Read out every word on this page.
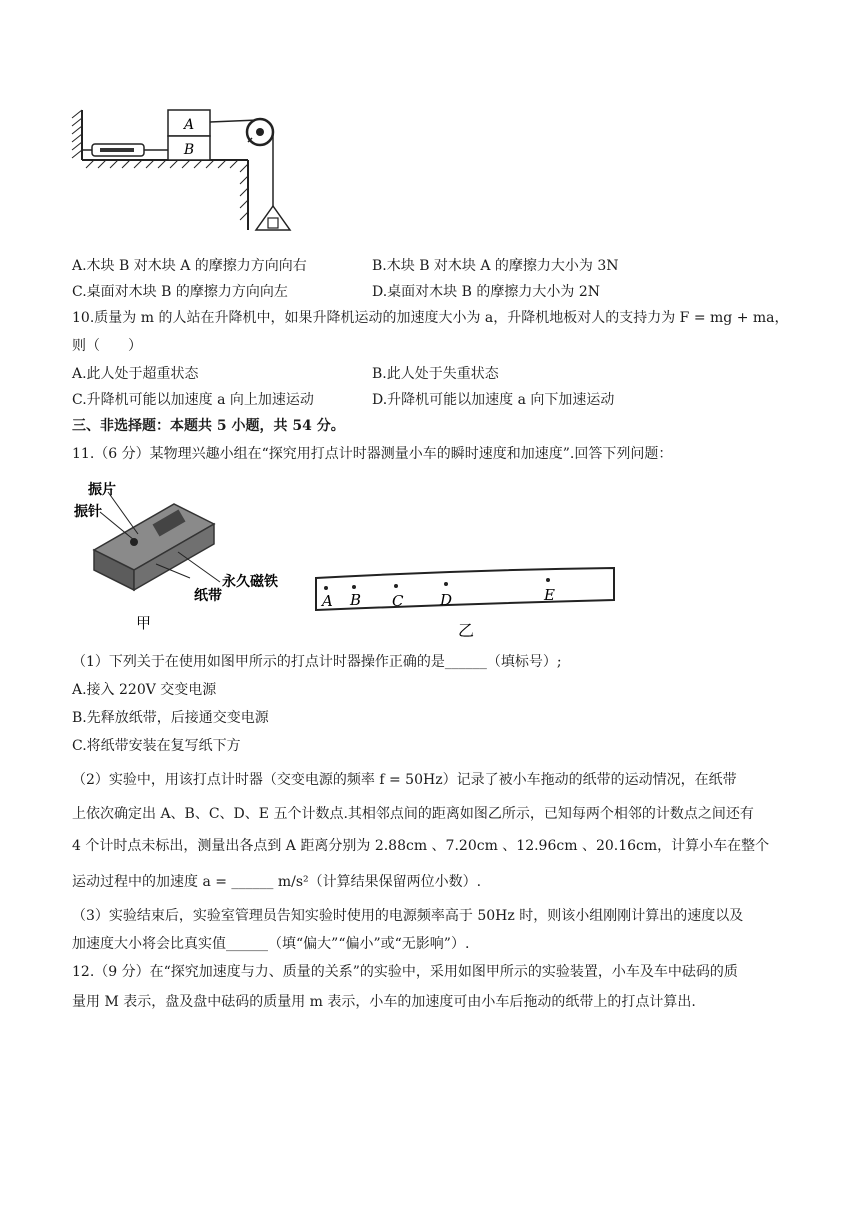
A
B
A.木块 B 对木块 A 的摩擦力方向向右	B.木块 B 对木块 A 的摩擦力大小为 3N
C.桌面对木块 B 的摩擦力方向向左	D.桌面对木块 B 的摩擦力大小为 2N
10.质量为 m 的人站在升降机中，如果升降机运动的加速度大小为 a，升降机地板对人的支持力为 F = mg + ma，
则（　　）
A.此人处于超重状态	B.此人处于失重状态
C.升降机可能以加速度 a 向上加速运动	D.升降机可能以加速度 a 向下加速运动
三、非选择题：本题共 5 小题，共 54 分。
11.（6 分）某物理兴趣小组在“探究用打点计时器测量小车的瞬时速度和加速度”.回答下列问题：
振片
振针
永久磁铁
纸带
甲
A B C D	E
乙
（1）下列关于在使用如图甲所示的打点计时器操作正确的是______（填标号）;
A.接入 220V 交变电源
B.先释放纸带，后接通交变电源
C.将纸带安装在复写纸下方
（2）实验中，用该打点计时器（交变电源的频率 f = 50Hz）记录了被小车拖动的纸带的运动情况，在纸带
上依次确定出 A、B、C、D、E 五个计数点.其相邻点间的距离如图乙所示，已知每两个相邻的计数点之间还有
4 个计时点未标出，测量出各点到 A 距离分别为 2.88cm 、7.20cm 、12.96cm 、20.16cm，计算小车在整个
运动过程中的加速度 a = ______ m/s²（计算结果保留两位小数）.
（3）实验结束后，实验室管理员告知实验时使用的电源频率高于 50Hz 时，则该小组刚刚计算出的速度以及
加速度大小将会比真实值______（填“偏大”“偏小”或“无影响”）.
12.（9 分）在“探究加速度与力、质量的关系”的实验中，采用如图甲所示的实验装置，小车及车中砝码的质
量用 M 表示，盘及盘中砝码的质量用 m 表示，小车的加速度可由小车后拖动的纸带上的打点计算出.
